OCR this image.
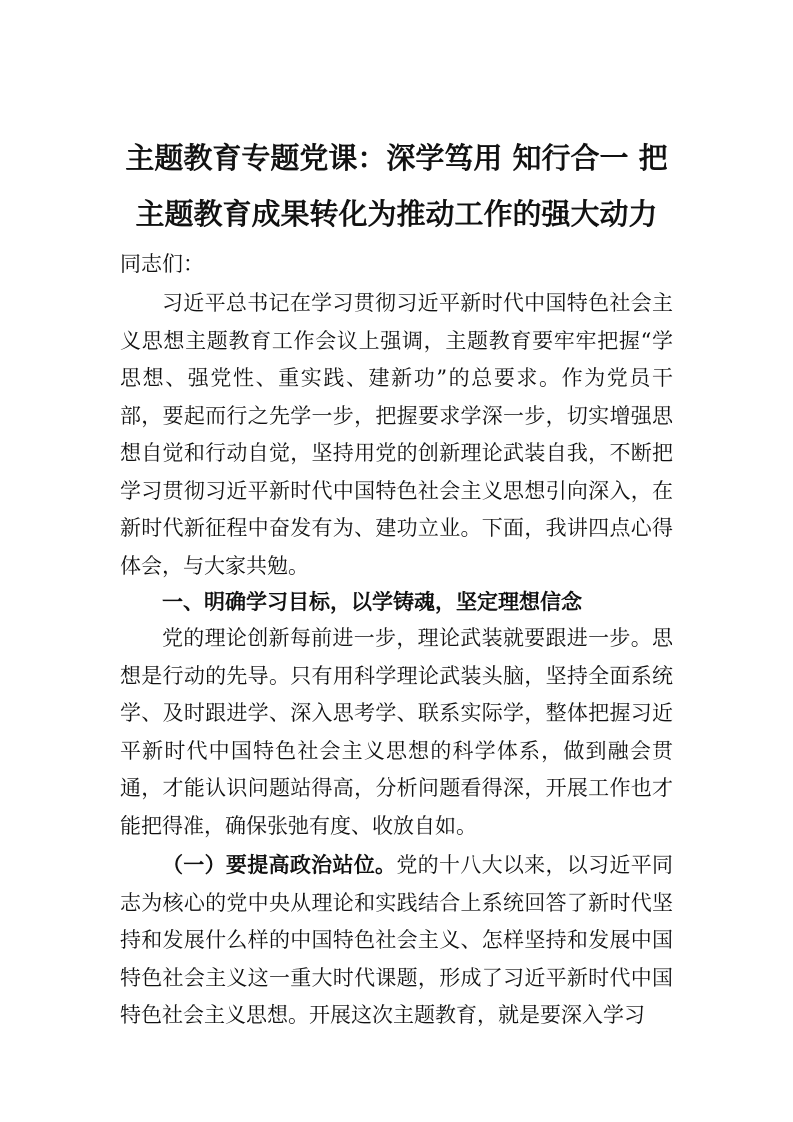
主题教育专题党课：深学笃用 知行合一 把
主题教育成果转化为推动工作的强大动力
同志们：
习近平总书记在学习贯彻习近平新时代中国特色社会主义思想主题教育工作会议上强调，主题教育要牢牢把握“学思想、强党性、重实践、建新功”的总要求。作为党员干部，要起而行之先学一步，把握要求学深一步，切实增强思想自觉和行动自觉，坚持用党的创新理论武装自我，不断把学习贯彻习近平新时代中国特色社会主义思想引向深入，在新时代新征程中奋发有为、建功立业。下面，我讲四点心得体会，与大家共勉。
一、明确学习目标，以学铸魂，坚定理想信念
党的理论创新每前进一步，理论武装就要跟进一步。思想是行动的先导。只有用科学理论武装头脑，坚持全面系统学、及时跟进学、深入思考学、联系实际学，整体把握习近平新时代中国特色社会主义思想的科学体系，做到融会贯通，才能认识问题站得高，分析问题看得深，开展工作也才能把得准，确保张弛有度、收放自如。
（一）要提高政治站位。党的十八大以来，以习近平同志为核心的党中央从理论和实践结合上系统回答了新时代坚持和发展什么样的中国特色社会主义、怎样坚持和发展中国特色社会主义这一重大时代课题，形成了习近平新时代中国特色社会主义思想。开展这次主题教育，就是要深入学习
